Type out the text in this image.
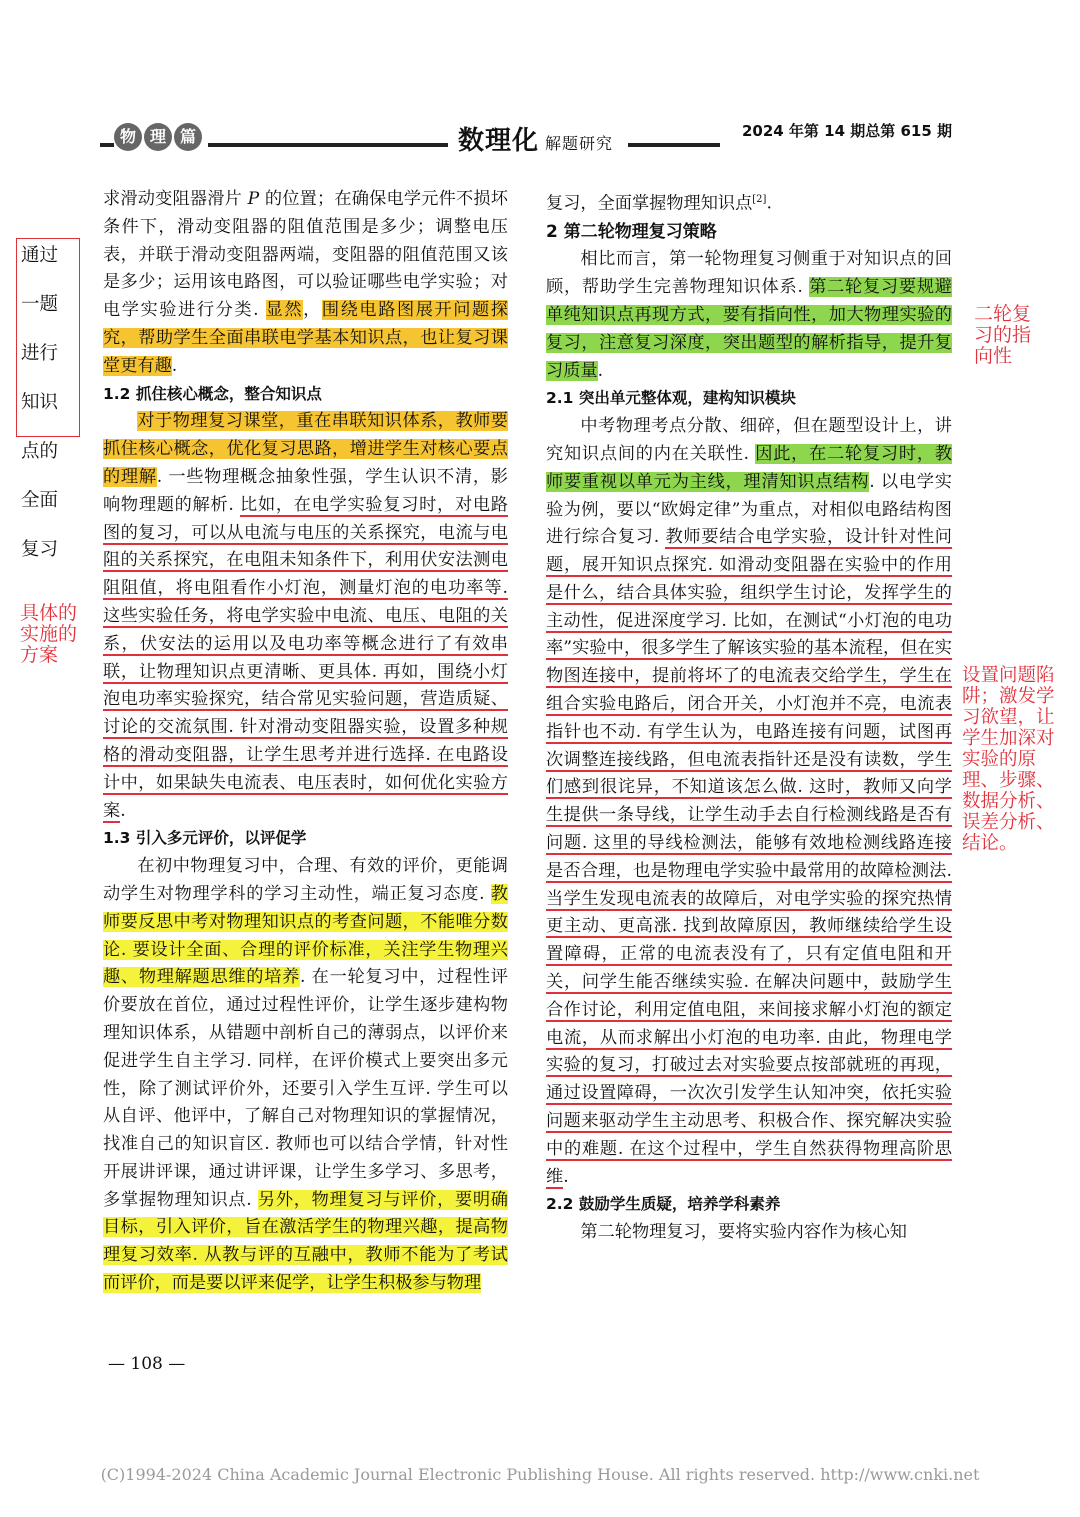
物 理 篇	数理化 解题研究
2024 年第 14 期总第 615 期

求滑动变阻器滑片 P 的位置；在确保电学元件不损坏条件下，滑动变阻器的阻值范围是多少；调整电压表，并联于滑动变阻器两端，变阻器的阻值范围又该是多少；运用该电路图，可以验证哪些电学实验；对电学实验进行分类. 显然，围绕电路图展开问题探究，帮助学生全面串联电学基本知识点，也让复习课堂更有趣.

1.2 抓住核心概念，整合知识点

对于物理复习课堂，重在串联知识体系，教师要抓住核心概念，优化复习思路，增进学生对核心要点的理解. 一些物理概念抽象性强，学生认识不清，影响物理题的解析. 比如，在电学实验复习时，对电路图的复习，可以从电流与电压的关系探究，电流与电阻的关系探究，在电阻未知条件下，利用伏安法测电阻阻值，将电阻看作小灯泡，测量灯泡的电功率等. 这些实验任务，将电学实验中电流、电压、电阻的关系，伏安法的运用以及电功率等概念进行了有效串联，让物理知识点更清晰、更具体. 再如，围绕小灯泡电功率实验探究，结合常见实验问题，营造质疑、讨论的交流氛围. 针对滑动变阻器实验，设置多种规格的滑动变阻器，让学生思考并进行选择. 在电路设计中，如果缺失电流表、电压表时，如何优化实验方案.

1.3 引入多元评价，以评促学

在初中物理复习中，合理、有效的评价，更能调动学生对物理学科的学习主动性，端正复习态度. 教师要反思中考对物理知识点的考查问题，不能唯分数论. 要设计全面、合理的评价标准，关注学生物理兴趣、物理解题思维的培养. 在一轮复习中，过程性评价要放在首位，通过过程性评价，让学生逐步建构物理知识体系，从错题中剖析自己的薄弱点，以评价来促进学生自主学习. 同样，在评价模式上要突出多元性，除了测试评价外，还要引入学生互评. 学生可以从自评、他评中，了解自己对物理知识的掌握情况，找准自己的知识盲区. 教师也可以结合学情，针对性开展讲评课，通过讲评课，让学生多学习、多思考，多掌握物理知识点. 另外，物理复习与评价，要明确目标，引入评价，旨在激活学生的物理兴趣，提高物理复习效率. 从教与评的互融中，教师不能为了考试而评价，而是要以评来促学，让学生积极参与物理

复习，全面掌握物理知识点[2].

2 第二轮物理复习策略

相比而言，第一轮物理复习侧重于对知识点的回顾，帮助学生完善物理知识体系. 第二轮复习要规避单纯知识点再现方式，要有指向性，加大物理实验的复习，注意复习深度，突出题型的解析指导，提升复习质量.

2.1 突出单元整体观，建构知识模块

中考物理考点分散、细碎，但在题型设计上，讲究知识点间的内在关联性. 因此，在二轮复习时，教师要重视以单元为主线，理清知识点结构. 以电学实验为例，要以“欧姆定律”为重点，对相似电路结构图进行综合复习. 教师要结合电学实验，设计针对性问题，展开知识点探究. 如滑动变阻器在实验中的作用是什么，结合具体实验，组织学生讨论，发挥学生的主动性，促进深度学习. 比如，在测试“小灯泡的电功率”实验中，很多学生了解该实验的基本流程，但在实物图连接中，提前将坏了的电流表交给学生，学生在组合实验电路后，闭合开关，小灯泡并不亮，电流表指针也不动. 有学生认为，电路连接有问题，试图再次调整连接线路，但电流表指针还是没有读数，学生们感到很诧异，不知道该怎么做. 这时，教师又向学生提供一条导线，让学生动手去自行检测线路是否有问题. 这里的导线检测法，能够有效地检测线路连接是否合理，也是物理电学实验中最常用的故障检测法. 当学生发现电流表的故障后，对电学实验的探究热情更主动、更高涨. 找到故障原因，教师继续给学生设置障碍，正常的电流表没有了，只有定值电阻和开关，问学生能否继续实验. 在解决问题中，鼓励学生合作讨论，利用定值电阻，来间接求解小灯泡的额定电流，从而求解出小灯泡的电功率. 由此，物理电学实验的复习，打破过去对实验要点按部就班的再现，通过设置障碍，一次次引发学生认知冲突，依托实验问题来驱动学生主动思考、积极合作、探究解决实验中的难题. 在这个过程中，学生自然获得物理高阶思维.

2.2 鼓励学生质疑，培养学科素养

第二轮物理复习，要将实验内容作为核心知

— 108 —
通过

一题

进行

知识

点的

全面

复习
具体的实施的方案
二轮复习的指向性
设置问题陷阱；激发学习欲望，让学生加深对实验的原理、步骤、数据分析、误差分析、结论。
(C)1994-2024 China Academic Journal Electronic Publishing House. All rights reserved. http://www.cnki.net
